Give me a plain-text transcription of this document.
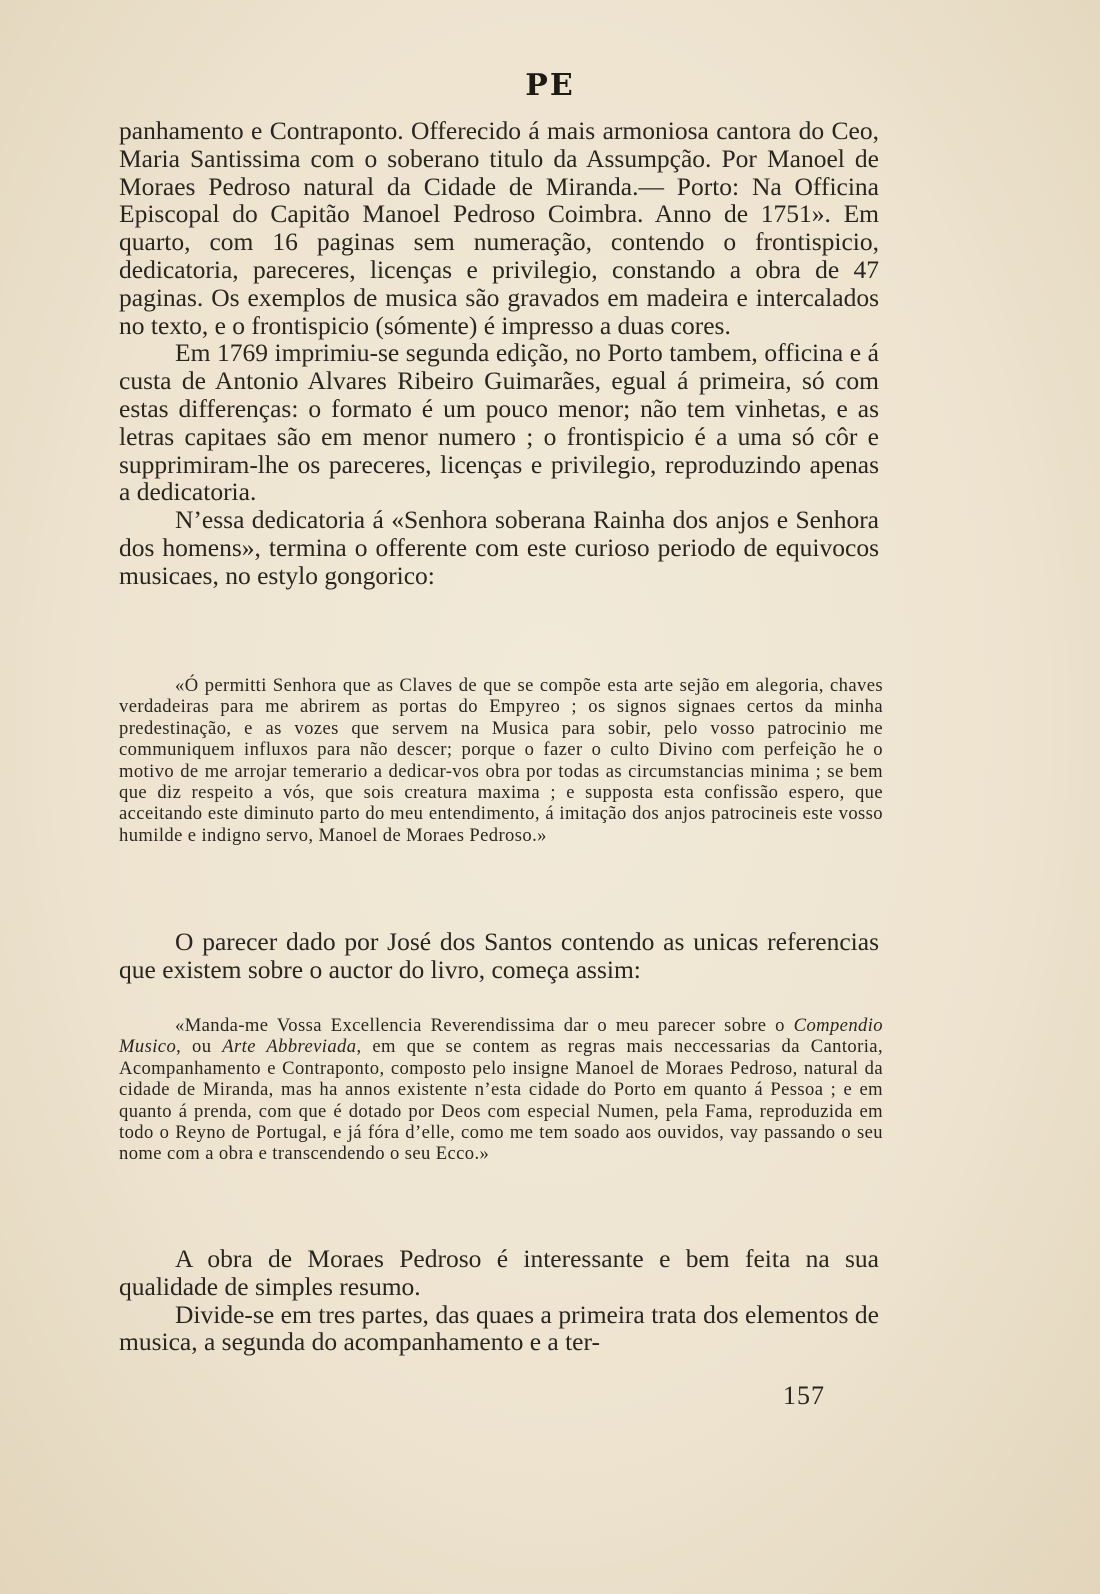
PE

panhamento e Contraponto. Offerecido á mais armoniosa cantora do Ceo, Maria Santissima com o soberano titulo da Assumpção. Por Manoel de Moraes Pedroso natural da Cidade de Miranda.— Porto: Na Officina Episcopal do Capitão Manoel Pedroso Coimbra. Anno de 1751». Em quarto, com 16 paginas sem numeração, contendo o frontispicio, dedicatoria, pareceres, licenças e privilegio, constando a obra de 47 paginas. Os exemplos de musica são gravados em madeira e intercalados no texto, e o frontispicio (sómente) é impresso a duas cores.

Em 1769 imprimiu-se segunda edição, no Porto tambem, officina e á custa de Antonio Alvares Ribeiro Guimarães, egual á primeira, só com estas differenças: o formato é um pouco menor; não tem vinhetas, e as letras capitaes são em menor numero ; o frontispicio é a uma só côr e supprimiram-lhe os pareceres, licenças e privilegio, reproduzindo apenas a dedicatoria.

N’essa dedicatoria á «Senhora soberana Rainha dos anjos e Senhora dos homens», termina o offerente com este curioso periodo de equivocos musicaes, no estylo gongorico:

«Ó permitti Senhora que as Claves de que se compõe esta arte sejão em alegoria, chaves verdadeiras para me abrirem as portas do Empyreo ; os signos signaes certos da minha predestinação, e as vozes que servem na Musica para sobir, pelo vosso patrocinio me communiquem influxos para não descer; porque o fazer o culto Divino com perfeição he o motivo de me arrojar temerario a dedicar-vos obra por todas as circumstancias minima ; se bem que diz respeito a vós, que sois creatura maxima ; e supposta esta confissão espero, que acceitando este diminuto parto do meu entendimento, á imitação dos anjos patrocineis este vosso humilde e indigno servo, Manoel de Moraes Pedroso.»

O parecer dado por José dos Santos contendo as unicas referencias que existem sobre o auctor do livro, começa assim:

«Manda-me Vossa Excellencia Reverendissima dar o meu parecer sobre o Compendio Musico, ou Arte Abbreviada, em que se contem as regras mais neccessarias da Cantoria, Acompanhamento e Contraponto, composto pelo insigne Manoel de Moraes Pedroso, natural da cidade de Miranda, mas ha annos existente n’esta cidade do Porto em quanto á Pessoa ; e em quanto á prenda, com que é dotado por Deos com especial Numen, pela Fama, reproduzida em todo o Reyno de Portugal, e já fóra d’elle, como me tem soado aos ouvidos, vay passando o seu nome com a obra e transcendendo o seu Ecco.»

A obra de Moraes Pedroso é interessante e bem feita na sua qualidade de simples resumo.

Divide-se em tres partes, das quaes a primeira trata dos elementos de musica, a segunda do acompanhamento e a ter-

157
